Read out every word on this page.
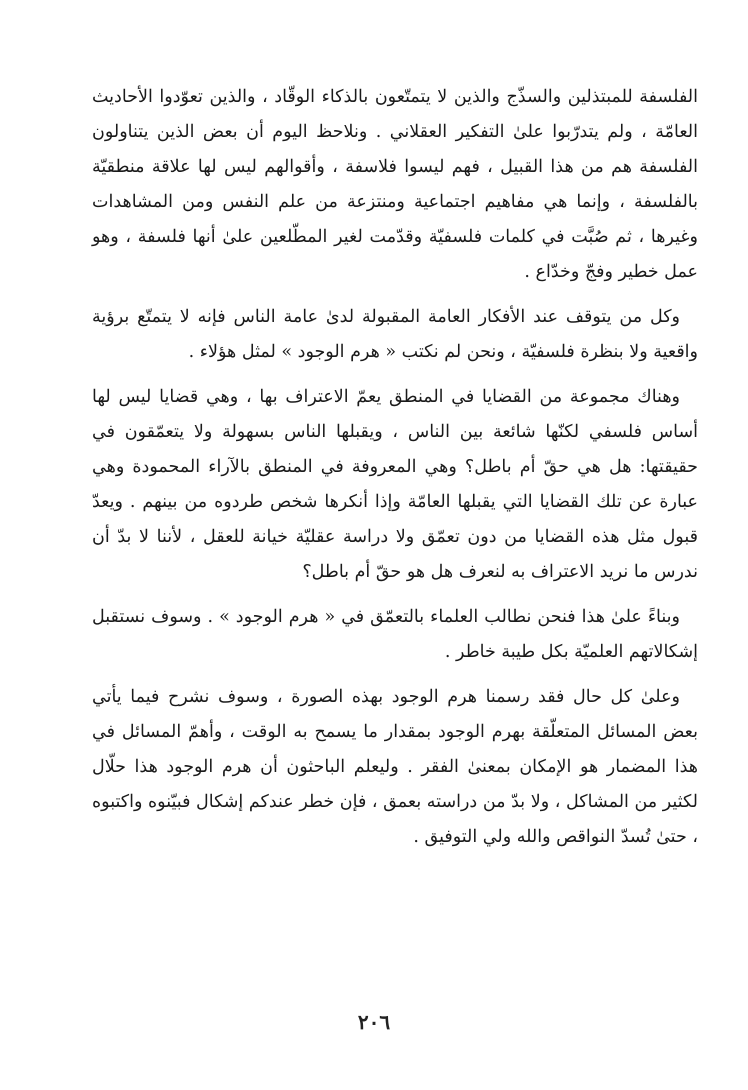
الفلسفة للمبتذلين والسذّج والذين لا يتمتّعون بالذكاء الوقّاد ، والذين تعوّدوا الأحاديث العامّة ، ولم يتدرّبوا علىٰ التفكير العقلاني . ونلاحظ اليوم أن بعض الذين يتناولون الفلسفة هم من هذا القبيل ، فهم ليسوا فلاسفة ، وأقوالهم ليس لها علاقة منطقيّة بالفلسفة ، وإنما هي مفاهيم اجتماعية ومنتزعة من علم النفس ومن المشاهدات وغيرها ، ثم صُبَّت في كلمات فلسفيّة وقدّمت لغير المطّلعين علىٰ أنها فلسفة ، وهو عمل خطير وفجّ وخدّاع .

وكل من يتوقف عند الأفكار العامة المقبولة لدىٰ عامة الناس فإنه لا يتمتّع برؤية واقعية ولا بنظرة فلسفيّة ، ونحن لم نكتب « هرم الوجود » لمثل هؤلاء .

وهناك مجموعة من القضايا في المنطق يعمّ الاعتراف بها ، وهي قضايا ليس لها أساس فلسفي لكنّها شائعة بين الناس ، ويقبلها الناس بسهولة ولا يتعمّقون في حقيقتها: هل هي حقّ أم باطل؟ وهي المعروفة في المنطق بالآراء المحمودة وهي عبارة عن تلك القضايا التي يقبلها العامّة وإذا أنكرها شخص طردوه من بينهم . ويعدّ قبول مثل هذه القضايا من دون تعمّق ولا دراسة عقليّة خيانة للعقل ، لأننا لا بدّ أن ندرس ما نريد الاعتراف به لنعرف هل هو حقّ أم باطل؟

وبناءً علىٰ هذا فنحن نطالب العلماء بالتعمّق في « هرم الوجود » . وسوف نستقبل إشكالاتهم العلميّة بكل طيبة خاطر .

وعلىٰ كل حال فقد رسمنا هرم الوجود بهذه الصورة ، وسوف نشرح فيما يأتي بعض المسائل المتعلّقة بهرم الوجود بمقدار ما يسمح به الوقت ، وأهمّ المسائل في هذا المضمار هو الإمكان بمعنىٰ الفقر . وليعلم الباحثون أن هرم الوجود هذا حلّال لكثير من المشاكل ، ولا بدّ من دراسته بعمق ، فإن خطر عندكم إشكال فبيّنوه واكتبوه ، حتىٰ تُسدّ النواقص والله ولي التوفيق .

٢٠٦
